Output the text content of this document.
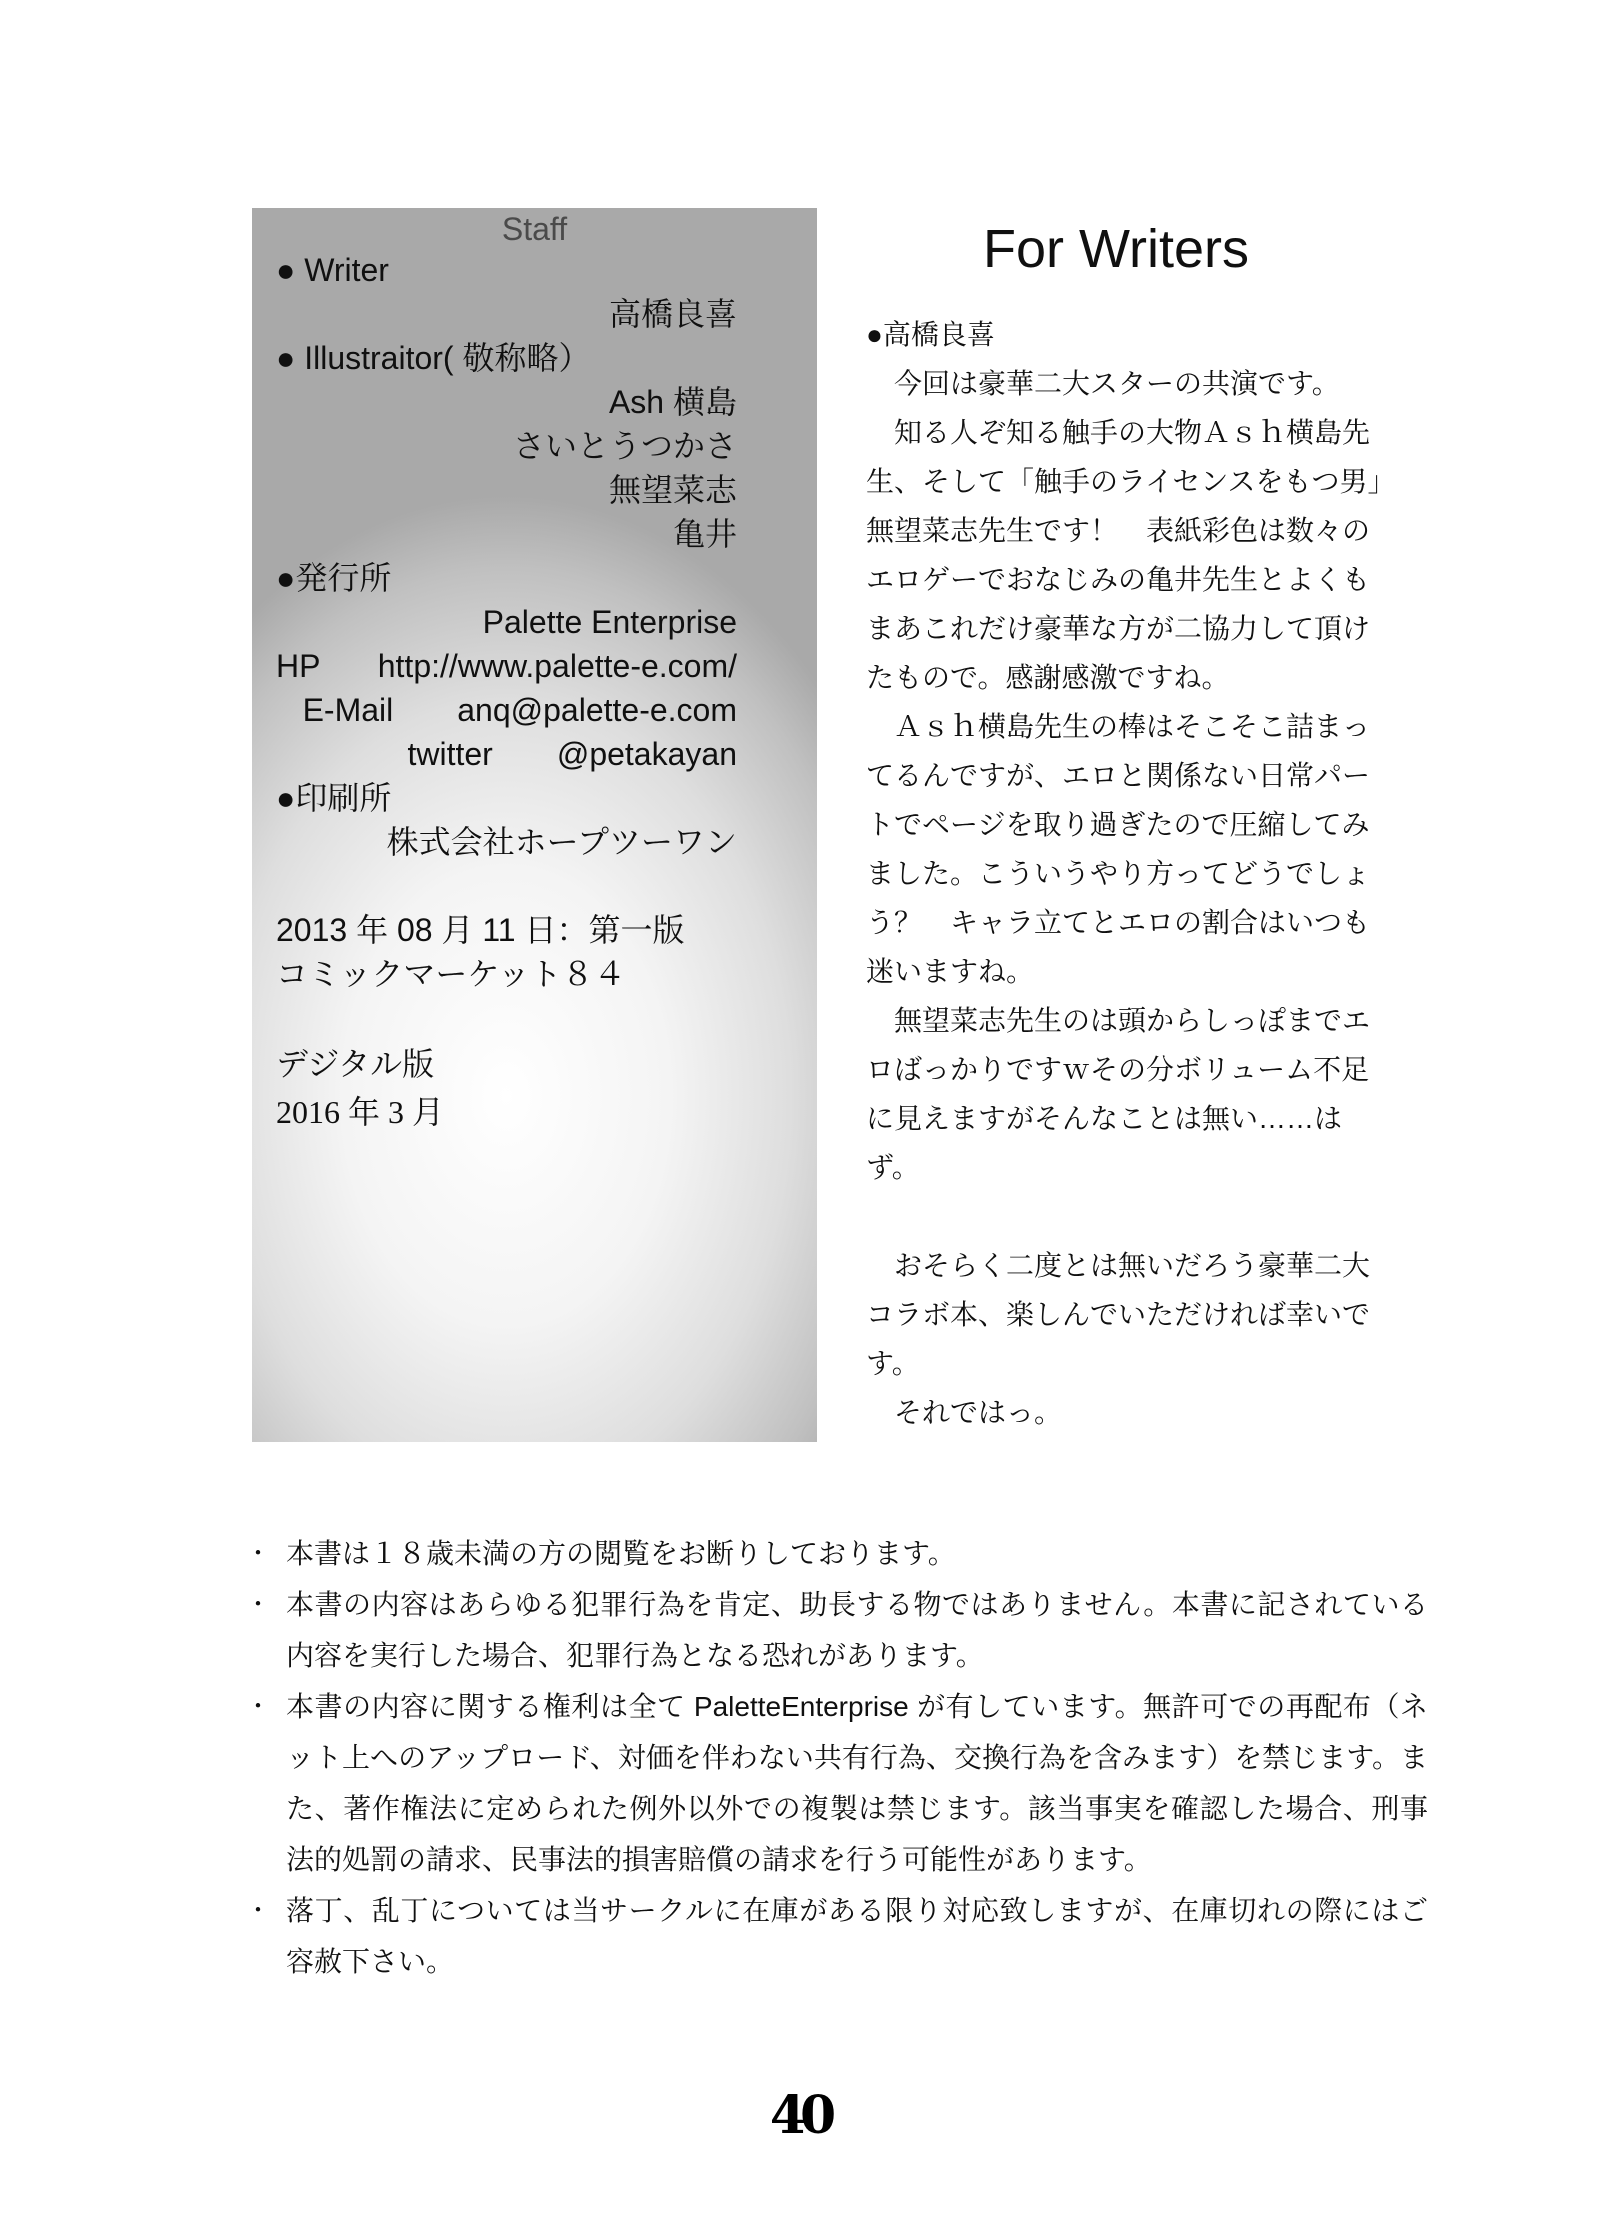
Staff
● Writer
高橋良喜
● Illustraitor( 敬称略）
Ash 横島
さいとうつかさ
無望菜志
亀井
●発行所
Palette Enterprise
HP http://www.palette-e.com/
E-Mail　　anq@palette-e.com
twitter　　@petakayan
●印刷所
株式会社ホープツーワン
2013 年 08 月 11 日：第一版
コミックマーケット８４
デジタル版
2016 年 3 月
For Writers
●高橋良喜
　今回は豪華二大スターの共演です。
　知る人ぞ知る触手の大物Ａｓｈ横島先
生、そして「触手のライセンスをもつ男」
無望菜志先生です！　表紙彩色は数々の
エロゲーでおなじみの亀井先生とよくも
まあこれだけ豪華な方が二協力して頂け
たもので。感謝感激ですね。
　Ａｓｈ横島先生の棒はそこそこ詰まっ
てるんですが、エロと関係ない日常パー
トでページを取り過ぎたので圧縮してみ
ました。こういうやり方ってどうでしょ
う？　キャラ立てとエロの割合はいつも
迷いますね。
　無望菜志先生のは頭からしっぽまでエ
ロばっかりですｗその分ボリューム不足
に見えますがそんなことは無い……は
ず。
　おそらく二度とは無いだろう豪華二大
コラボ本、楽しんでいただければ幸いで
す。
　それではっ。
・ 本書は１８歳未満の方の閲覧をお断りしております。
・ 本書の内容はあらゆる犯罪行為を肯定、助長する物ではありません。本書に記されている内容を実行した場合、犯罪行為となる恐れがあります。
・ 本書の内容に関する権利は全て PaletteEnterprise が有しています。無許可での再配布（ネット上へのアップロード、対価を伴わない共有行為、交換行為を含みます）を禁じます。また、著作権法に定められた例外以外での複製は禁じます。該当事実を確認した場合、刑事法的処罰の請求、民事法的損害賠償の請求を行う可能性があります。
・ 落丁、乱丁については当サークルに在庫がある限り対応致しますが、在庫切れの際にはご容赦下さい。
40
